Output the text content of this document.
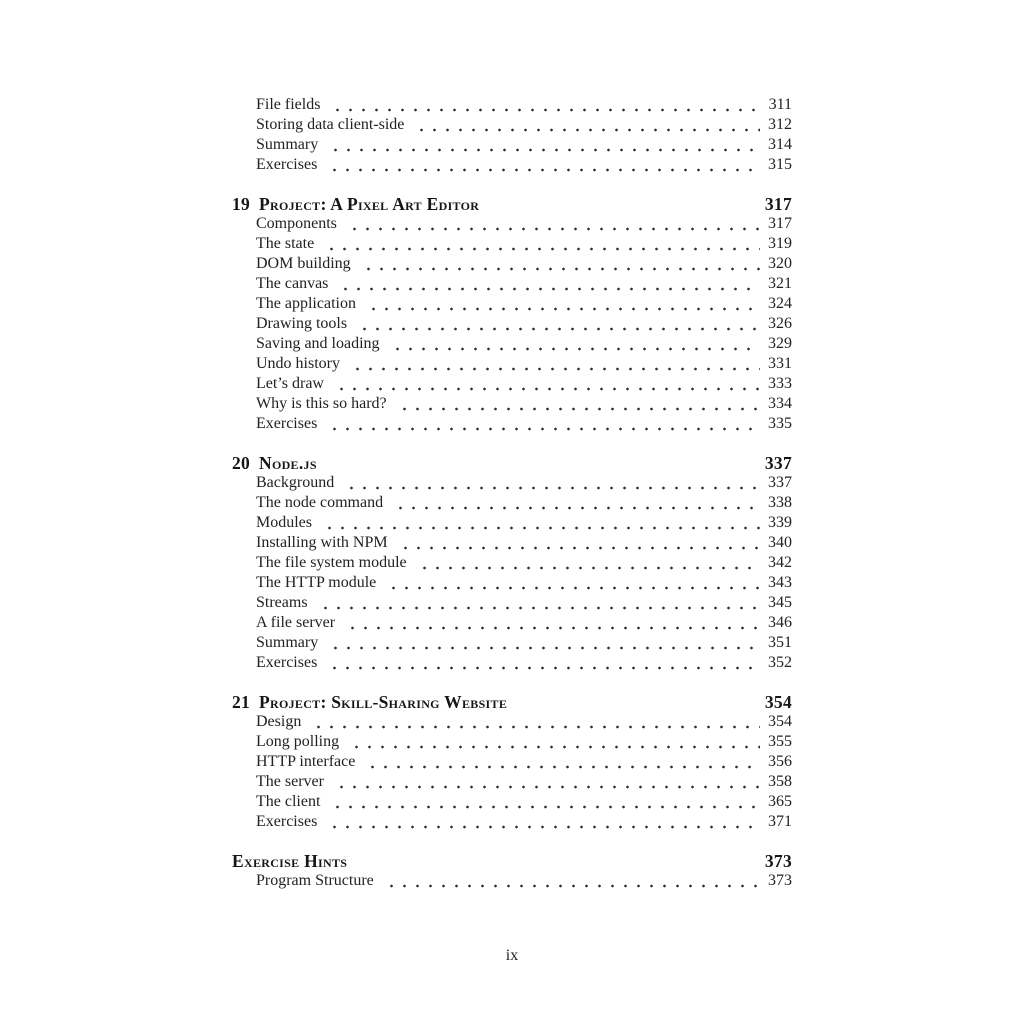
File fields	311
Storing data client-side	312
Summary	314
Exercises	315
19 Project: A Pixel Art Editor	317
Components	317
The state	319
DOM building	320
The canvas	321
The application	324
Drawing tools	326
Saving and loading	329
Undo history	331
Let’s draw	333
Why is this so hard?	334
Exercises	335
20 Node.js	337
Background	337
The node command	338
Modules	339
Installing with NPM	340
The file system module	342
The HTTP module	343
Streams	345
A file server	346
Summary	351
Exercises	352
21 Project: Skill-Sharing Website	354
Design	354
Long polling	355
HTTP interface	356
The server	358
The client	365
Exercises	371
Exercise Hints	373
Program Structure	373
ix
